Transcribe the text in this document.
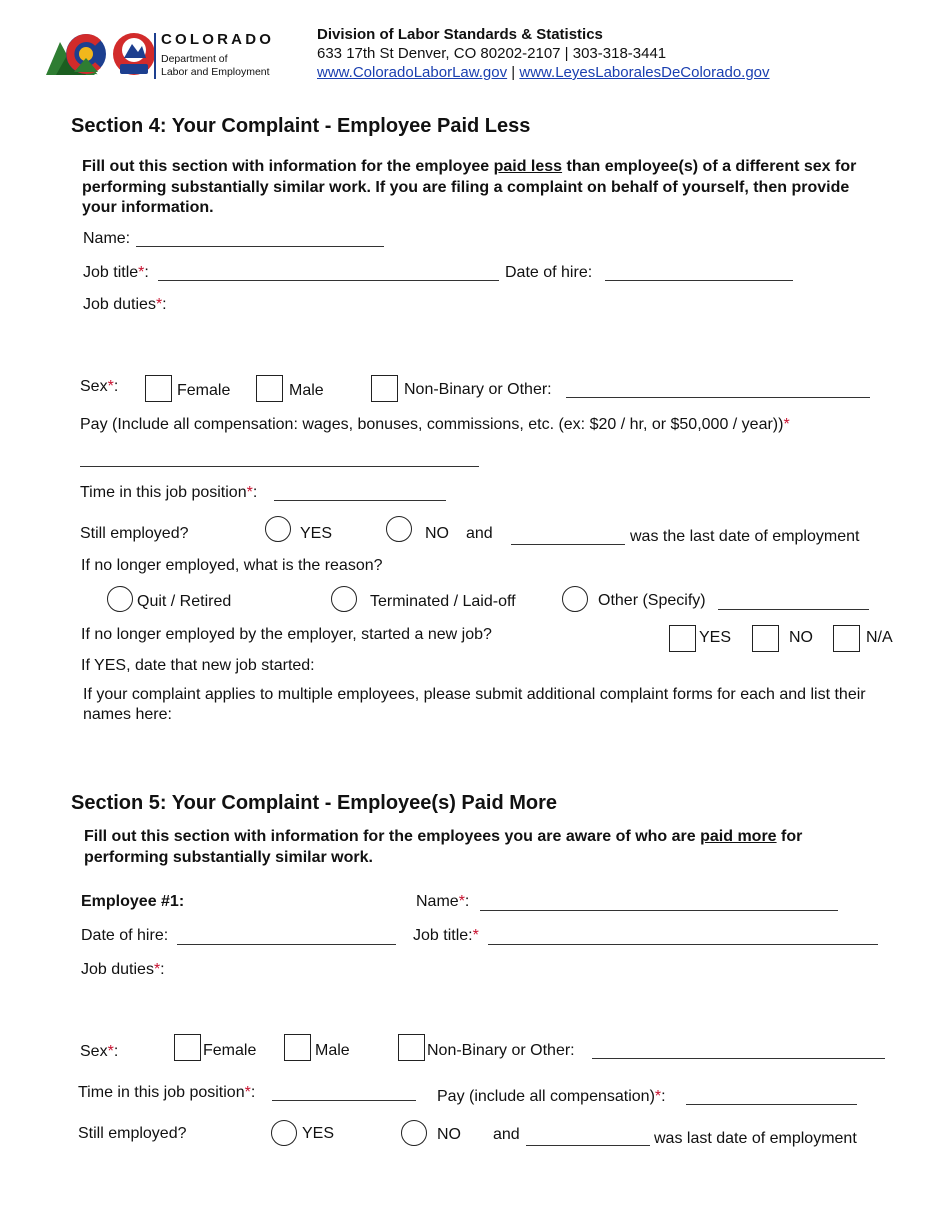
CDLE
COLORADO
Department of
Labor and Employment
Division of Labor Standards & Statistics
633 17th St Denver, CO 80202-2107 | 303-318-3441
www.ColoradoLaborLaw.gov | www.LeyesLaboralesDeColorado.gov
Section 4: Your Complaint - Employee Paid Less
Fill out this section with information for the employee paid less than employee(s) of a different sex for performing substantially similar work. If you are filing a complaint on behalf of yourself, then provide your information.
Name:
Job title*:	Date of hire:
Job duties*:
Sex*:	Female	Male	Non-Binary or Other:
Pay (Include all compensation: wages, bonuses, commissions, etc. (ex: $20 / hr, or $50,000 / year))*
Time in this job position*:
Still employed?	YES	NO and	was the last date of employment
If no longer employed, what is the reason?
Quit / Retired	Terminated / Laid-off	Other (Specify)
If no longer employed by the employer, started a new job?	YES	NO	N/A
If YES, date that new job started:
If your complaint applies to multiple employees, please submit additional complaint forms for each and list their names here:
Section 5: Your Complaint - Employee(s) Paid More
Fill out this section with information for the employees you are aware of who are paid more for performing substantially similar work.
Employee #1:	Name*:
Date of hire:	Job title:*
Job duties*:
Sex*:	Female	Male	Non-Binary or Other:
Time in this job position*:	Pay (include all compensation)*:
Still employed?	YES	NO and	was last date of employment
